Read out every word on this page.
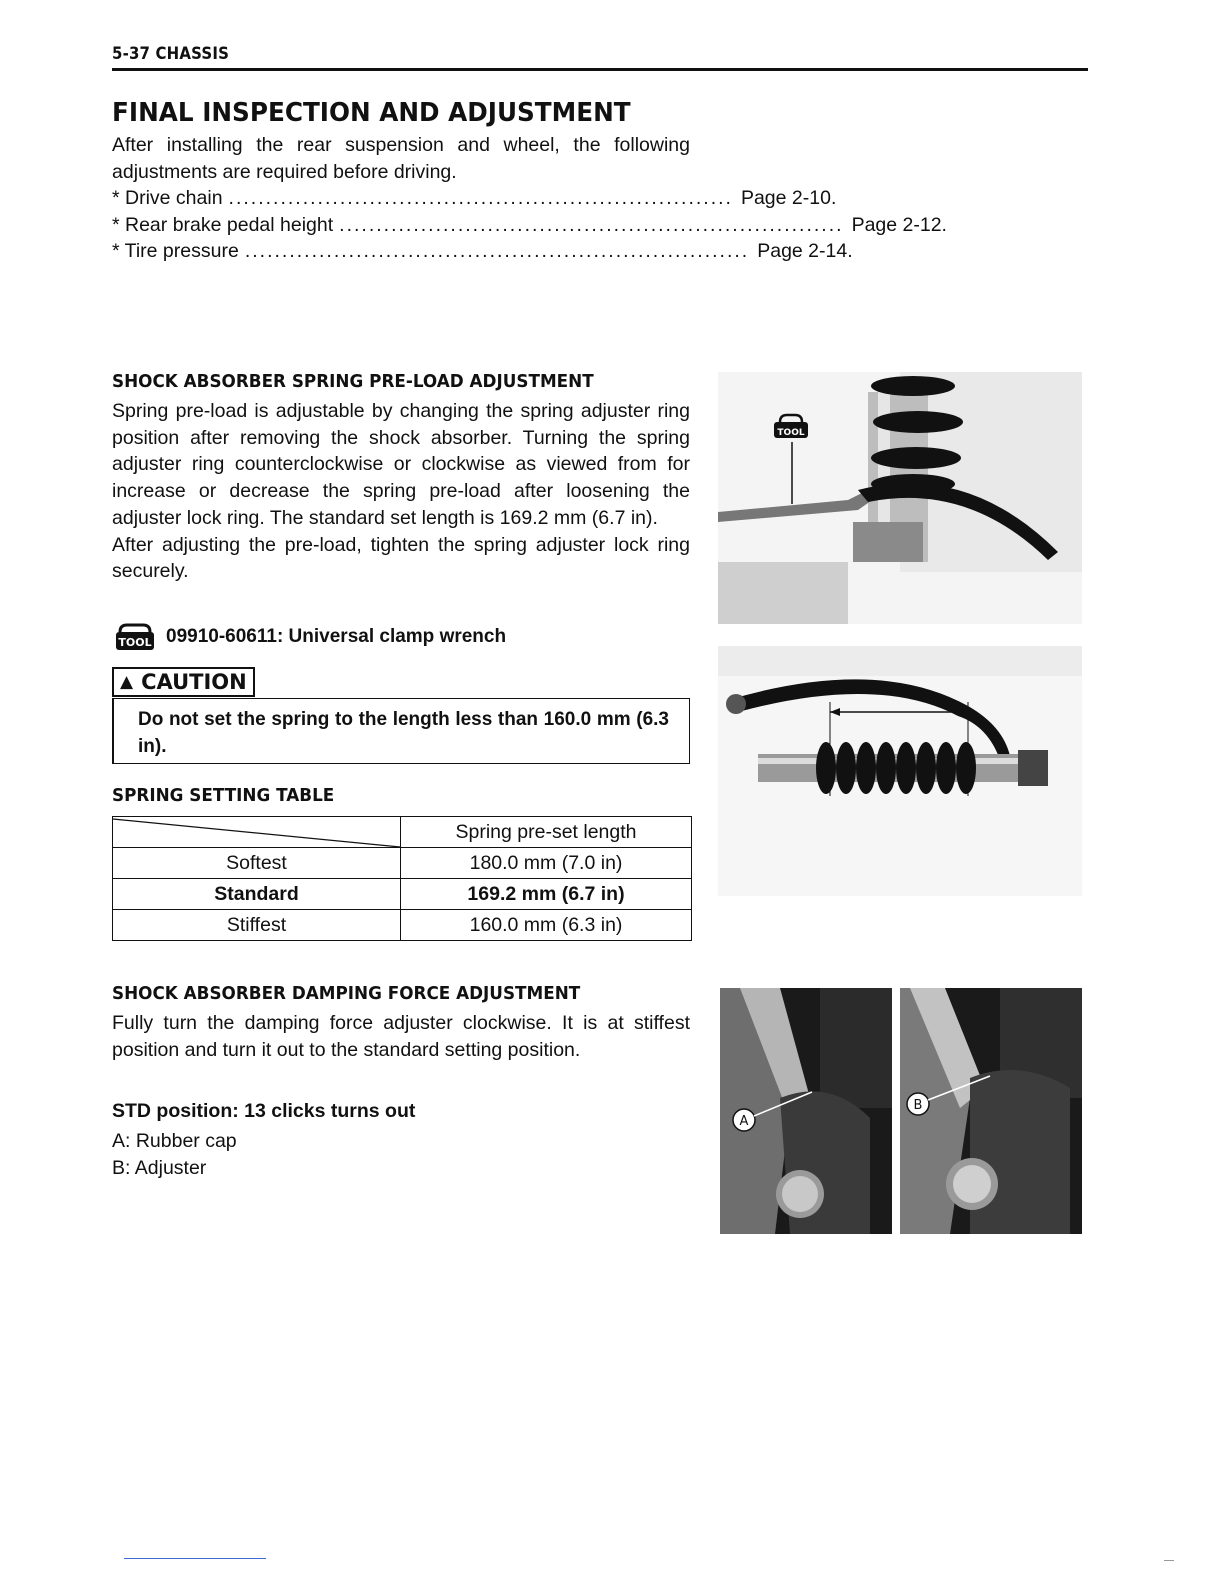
5-37 CHASSIS
FINAL INSPECTION AND ADJUSTMENT
After installing the rear suspension and wheel, the following adjustments are required before driving.
* Drive chain .................................................................... Page 2-10.
* Rear brake pedal height .................................................................... Page 2-12.
* Tire pressure .................................................................... Page 2-14.
SHOCK ABSORBER SPRING PRE-LOAD ADJUSTMENT

Spring pre-load is adjustable by changing the spring adjuster ring position after removing the shock absorber. Turning the spring adjuster ring counterclockwise or clockwise as viewed from for increase or decrease the spring pre-load after loosening the adjuster lock ring. The standard set length is 169.2 mm (6.7 in).

After adjusting the pre-load, tighten the spring adjuster lock ring securely.

TOOL 09910-60611: Universal clamp wrench
▲ CAUTION
Do not set the spring to the length less than 160.0 mm (6.3 in).
SPRING SETTING TABLE
	Spring pre-set length
Softest	180.0 mm (7.0 in)
Standard	169.2 mm (6.7 in)
Stiffest	160.0 mm (6.3 in)
SHOCK ABSORBER DAMPING FORCE ADJUSTMENT
Fully turn the damping force adjuster clockwise. It is at stiffest position and turn it out to the standard setting position.
STD position: 13 clicks turns out
A: Rubber cap
B: Adjuster
TOOL
A
B
